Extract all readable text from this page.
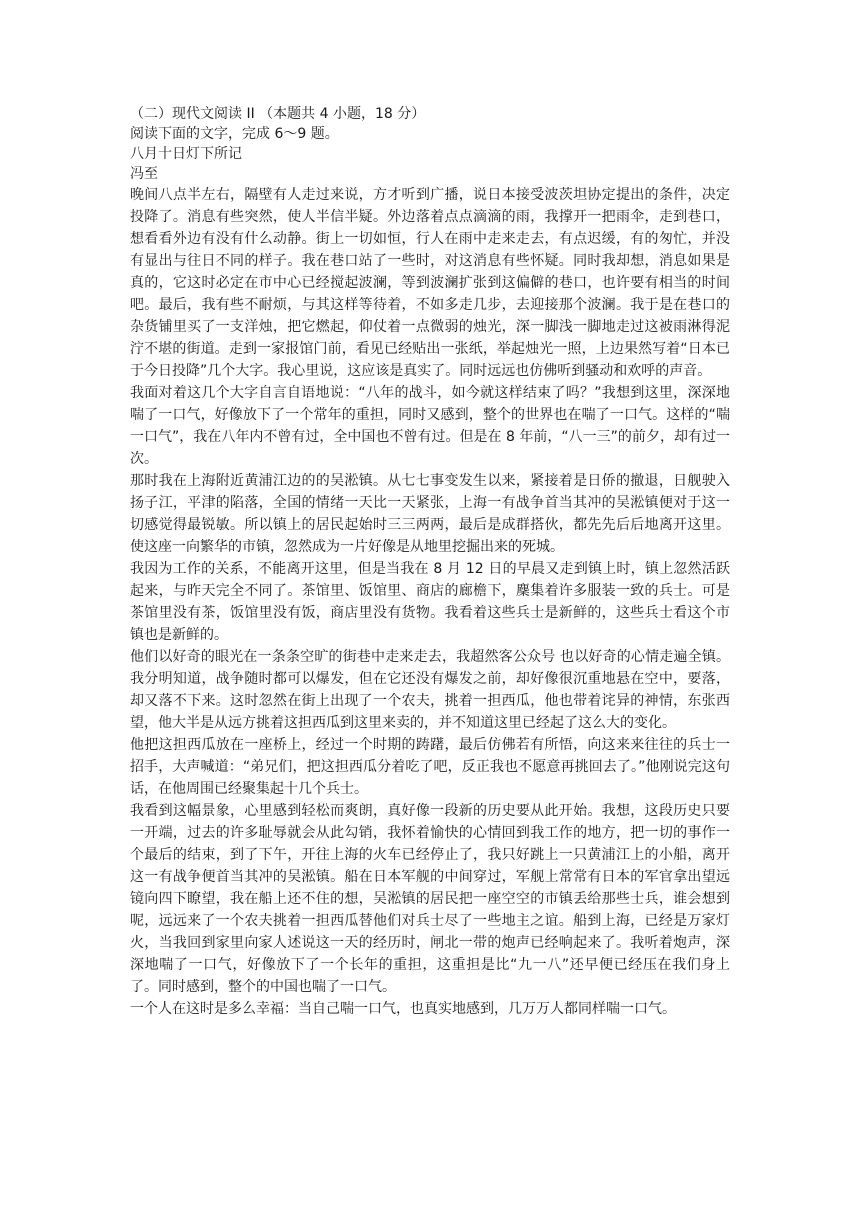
（二）现代文阅读 II （本题共 4 小题，18 分）

阅读下面的文字，完成 6～9 题。

八月十日灯下所记

冯至

晚间八点半左右，隔壁有人走过来说，方才听到广播，说日本接受波茨坦协定提出的条件，决定投降了。消息有些突然，使人半信半疑。外边落着点点滴滴的雨，我撑开一把雨伞，走到巷口，想看看外边有没有什么动静。街上一切如恒，行人在雨中走来走去，有点迟缓，有的匆忙，并没有显出与往日不同的样子。我在巷口站了一些时，对这消息有些怀疑。同时我却想，消息如果是真的，它这时必定在市中心已经搅起波澜，等到波澜扩张到这偏僻的巷口，也许要有相当的时间吧。最后，我有些不耐烦，与其这样等待着，不如多走几步，去迎接那个波澜。我于是在巷口的杂货铺里买了一支洋烛，把它燃起，仰仗着一点微弱的烛光，深一脚浅一脚地走过这被雨淋得泥泞不堪的街道。走到一家报馆门前，看见已经贴出一张纸，举起烛光一照，上边果然写着“日本已于今日投降”几个大字。我心里说，这应该是真实了。同时远远也仿佛听到骚动和欢呼的声音。

我面对着这几个大字自言自语地说：“八年的战斗，如今就这样结束了吗？”我想到这里，深深地喘了一口气，好像放下了一个常年的重担，同时又感到，整个的世界也在喘了一口气。这样的“喘一口气”，我在八年内不曾有过，全中国也不曾有过。但是在 8 年前，“八一三”的前夕，却有过一次。

那时我在上海附近黄浦江边的的吴淞镇。从七七事变发生以来，紧接着是日侨的撤退，日舰驶入扬子江，平津的陷落，全国的情绪一天比一天紧张，上海一有战争首当其冲的吴淞镇便对于这一切感觉得最锐敏。所以镇上的居民起始时三三两两，最后是成群搭伙，都先先后后地离开这里。使这座一向繁华的市镇，忽然成为一片好像是从地里挖掘出来的死城。

我因为工作的关系，不能离开这里，但是当我在 8 月 12 日的早晨又走到镇上时，镇上忽然活跃起来，与昨天完全不同了。茶馆里、饭馆里、商店的廊檐下，麇集着许多服装一致的兵士。可是茶馆里没有茶，饭馆里没有饭，商店里没有货物。我看着这些兵士是新鲜的，这些兵士看这个市镇也是新鲜的。

他们以好奇的眼光在一条条空旷的街巷中走来走去，我超然客公众号 也以好奇的心情走遍全镇。我分明知道，战争随时都可以爆发，但在它还没有爆发之前，却好像很沉重地悬在空中，要落，却又落不下来。这时忽然在街上出现了一个农夫，挑着一担西瓜，他也带着诧异的神情，东张西望，他大半是从远方挑着这担西瓜到这里来卖的，并不知道这里已经起了这么大的变化。

他把这担西瓜放在一座桥上，经过一个时期的踌躇，最后仿佛若有所悟，向这来来往往的兵士一招手，大声喊道：“弟兄们，把这担西瓜分着吃了吧，反正我也不愿意再挑回去了。”他刚说完这句话，在他周围已经聚集起十几个兵士。

我看到这幅景象，心里感到轻松而爽朗，真好像一段新的历史要从此开始。我想，这段历史只要一开端，过去的许多耻辱就会从此勾销，我怀着愉快的心情回到我工作的地方，把一切的事作一个最后的结束，到了下午，开往上海的火车已经停止了，我只好跳上一只黄浦江上的小船，离开这一有战争便首当其冲的吴淞镇。船在日本军舰的中间穿过，军舰上常常有日本的军官拿出望远镜向四下瞭望，我在船上还不住的想，吴淞镇的居民把一座空空的市镇丢给那些士兵，谁会想到呢，远远来了一个农夫挑着一担西瓜替他们对兵士尽了一些地主之谊。船到上海，已经是万家灯火，当我回到家里向家人述说这一天的经历时，闸北一带的炮声已经响起来了。我听着炮声，深深地喘了一口气，好像放下了一个长年的重担，这重担是比“九一八”还早便已经压在我们身上了。同时感到，整个的中国也喘了一口气。

一个人在这时是多么幸福：当自己喘一口气，也真实地感到，几万万人都同样喘一口气。
